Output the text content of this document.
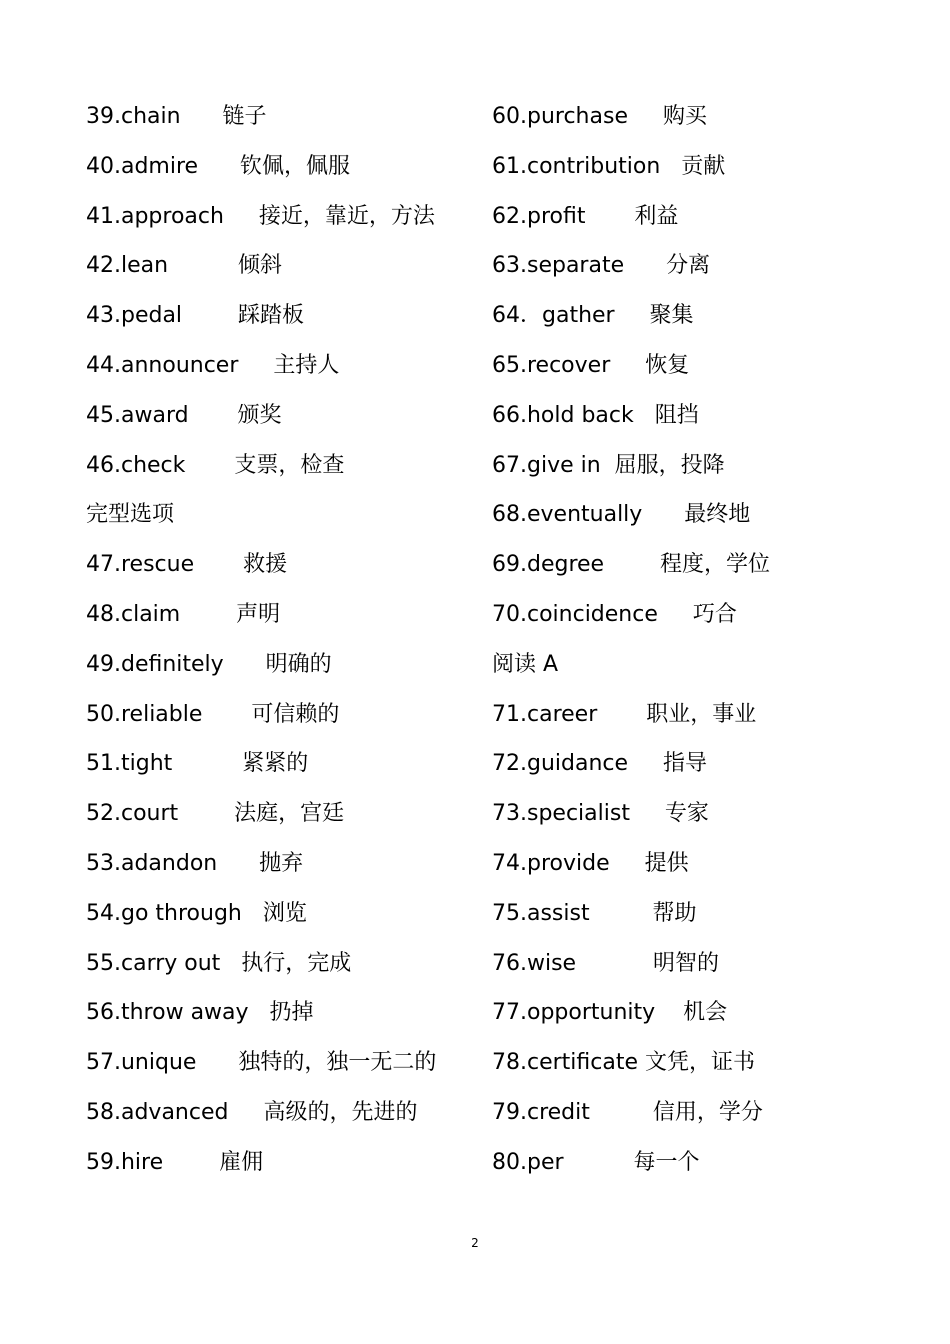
39.chain      链子
40.admire      钦佩，佩服
41.approach     接近，靠近，方法
42.lean          倾斜
43.pedal        踩踏板
44.announcer     主持人
45.award       颁奖
46.check       支票，检查
完型选项
47.rescue       救援
48.claim        声明
49.definitely      明确的
50.reliable       可信赖的
51.tight          紧紧的
52.court        法庭，宫廷
53.adandon      抛弃
54.go through   浏览
55.carry out   执行，完成
56.throw away   扔掉
57.unique      独特的，独一无二的
58.advanced     高级的，先进的
59.hire        雇佣
60.purchase     购买
61.contribution   贡献
62.profit       利益
63.separate      分离
64．gather     聚集
65.recover     恢复
66.hold back   阻挡
67.give in  屈服，投降
68.eventually      最终地
69.degree        程度，学位
70.coincidence     巧合
阅读 A
71.career       职业，事业
72.guidance     指导
73.specialist     专家
74.provide     提供
75.assist         帮助
76.wise           明智的
77.opportunity    机会
78.certificate 文凭，证书
79.credit         信用，学分
80.per          每一个
2
